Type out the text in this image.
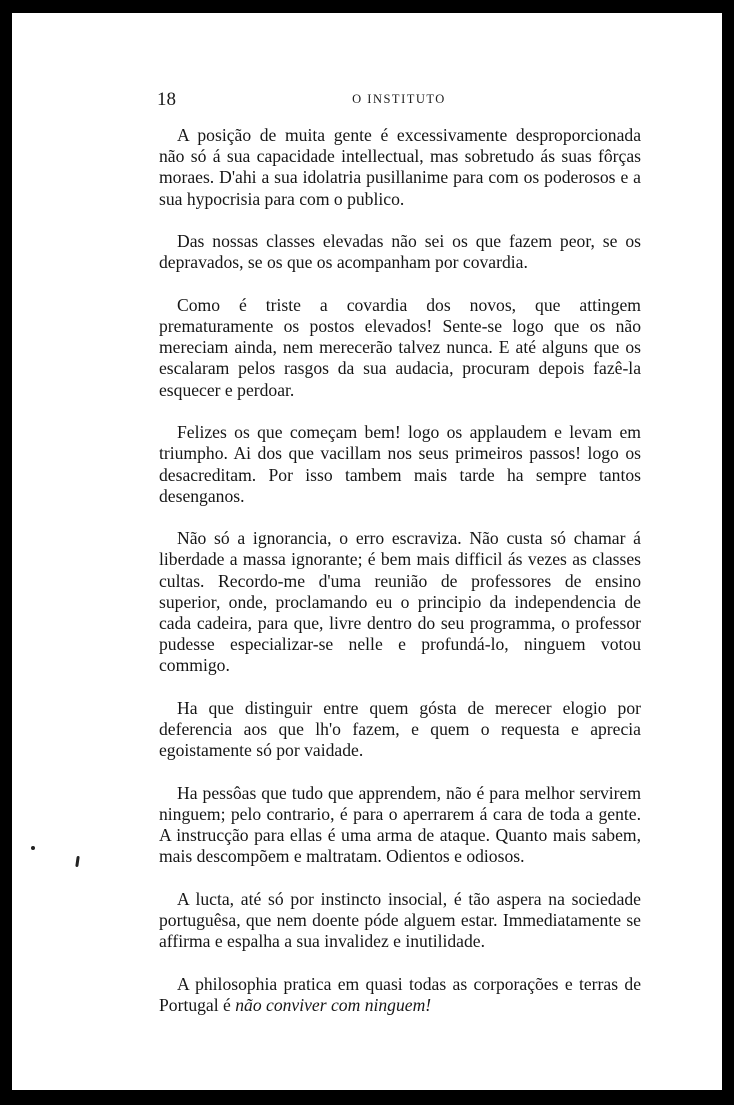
18	O INSTITUTO

A posição de muita gente é excessivamente desproporcionada não só á sua capacidade intellectual, mas sobretudo ás suas fôrças moraes. D'ahi a sua idolatria pusillanime para com os poderosos e a sua hypocrisia para com o publico.

Das nossas classes elevadas não sei os que fazem peor, se os depravados, se os que os acompanham por covardia.

Como é triste a covardia dos novos, que attingem prematuramente os postos elevados! Sente-se logo que os não mereciam ainda, nem merecerão talvez nunca. E até alguns que os escalaram pelos rasgos da sua audacia, procuram depois fazê-la esquecer e perdoar.

Felizes os que começam bem! logo os applaudem e levam em triumpho. Ai dos que vacillam nos seus primeiros passos! logo os desacreditam. Por isso tambem mais tarde ha sempre tantos desenganos.

Não só a ignorancia, o erro escraviza. Não custa só chamar á liberdade a massa ignorante; é bem mais difficil ás vezes as classes cultas. Recordo-me d'uma reunião de professores de ensino superior, onde, proclamando eu o principio da independencia de cada cadeira, para que, livre dentro do seu programma, o professor pudesse especializar-se nelle e profundá-lo, ninguem votou commigo.

Ha que distinguir entre quem gósta de merecer elogio por deferencia aos que lh'o fazem, e quem o requesta e aprecia egoistamente só por vaidade.

Ha pessôas que tudo que apprendem, não é para melhor servirem ninguem; pelo contrario, é para o aperrarem á cara de toda a gente. A instrucção para ellas é uma arma de ataque. Quanto mais sabem, mais descompõem e maltratam. Odientos e odiosos.

A lucta, até só por instincto insocial, é tão aspera na sociedade portuguêsa, que nem doente póde alguem estar. Immediatamente se affirma e espalha a sua invalidez e inutilidade.

A philosophia pratica em quasi todas as corporações e terras de Portugal é não conviver com ninguem!
